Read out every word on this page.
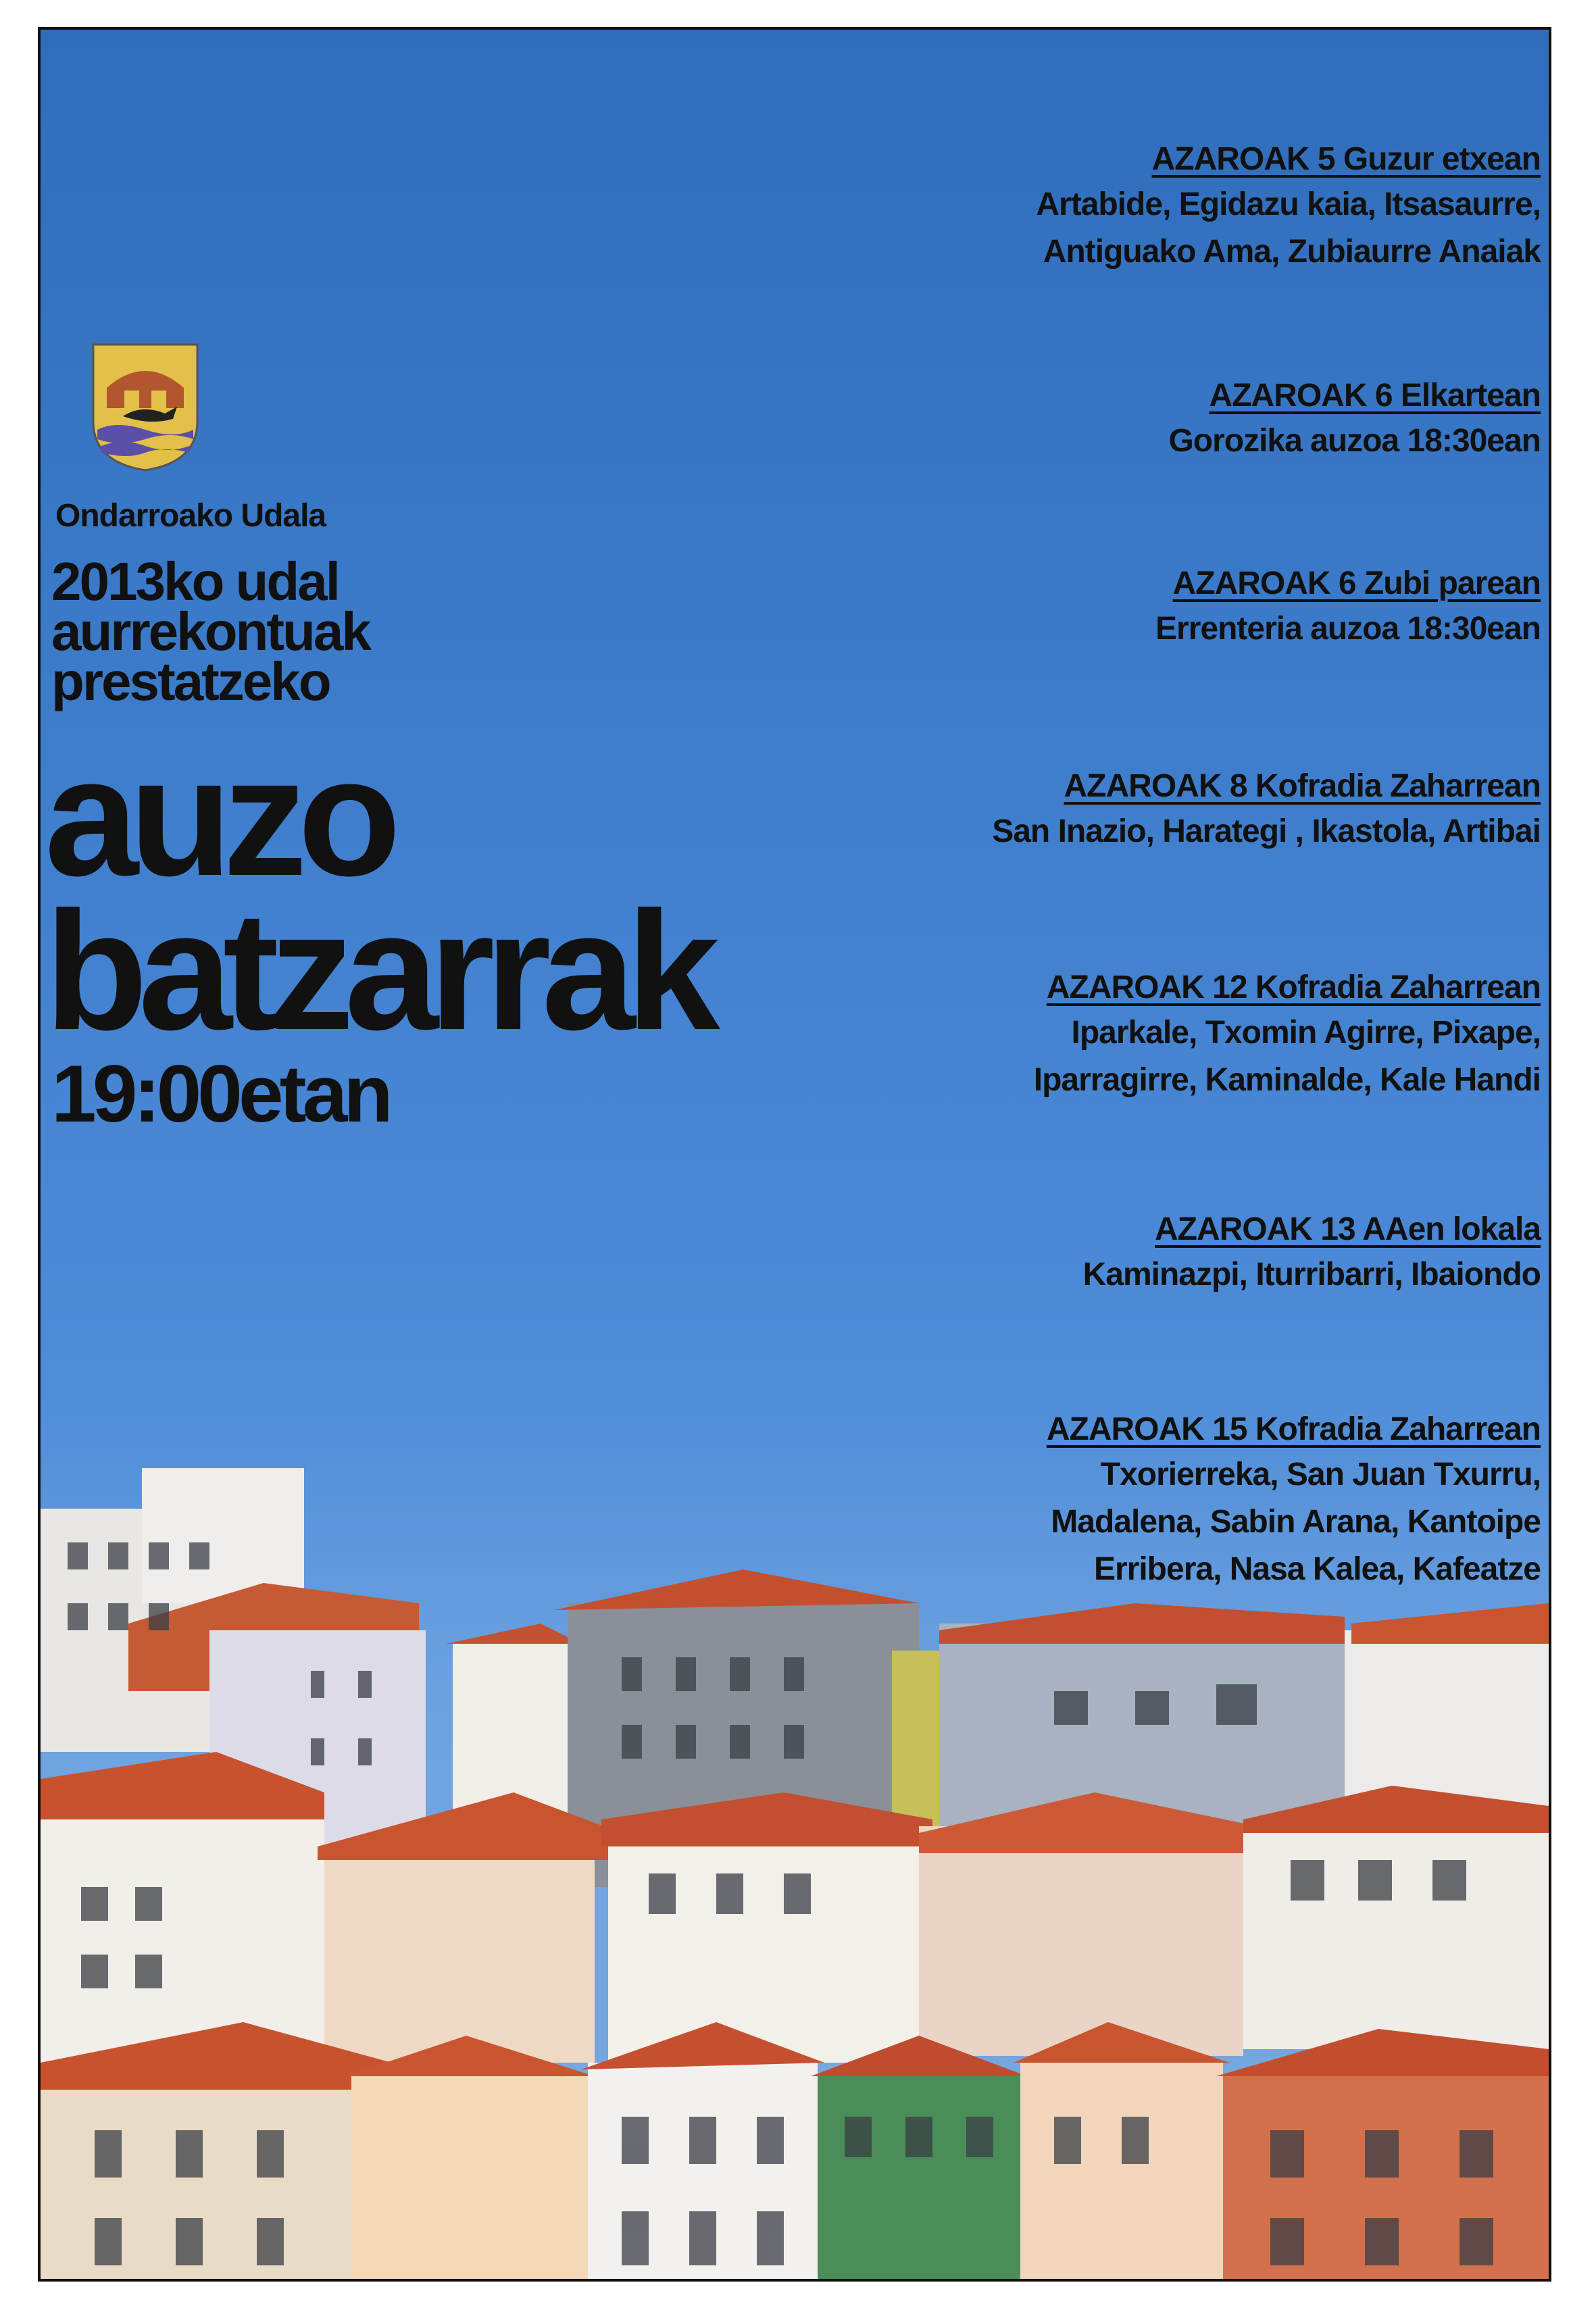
Ondarroako Udala

2013ko udal
aurrekontuak
prestatzeko

auzo

batzarrak

19:00etan

AZAROAK 5 Guzur etxean
Artabide, Egidazu kaia, Itsasaurre,
Antiguako Ama, Zubiaurre Anaiak
AZAROAK 6 Elkartean
Gorozika auzoa 18:30ean
AZAROAK 6 Zubi parean
Errenteria auzoa 18:30ean
AZAROAK 8 Kofradia Zaharrean
San Inazio, Harategi , Ikastola, Artibai
AZAROAK 12 Kofradia Zaharrean
Iparkale, Txomin Agirre, Pixape,
Iparragirre, Kaminalde, Kale Handi
AZAROAK 13 AAen lokala
Kaminazpi, Iturribarri, Ibaiondo
AZAROAK 15 Kofradia Zaharrean
Txorierreka, San Juan Txurru,
Madalena, Sabin Arana, Kantoipe
Erribera, Nasa Kalea, Kafeatze
